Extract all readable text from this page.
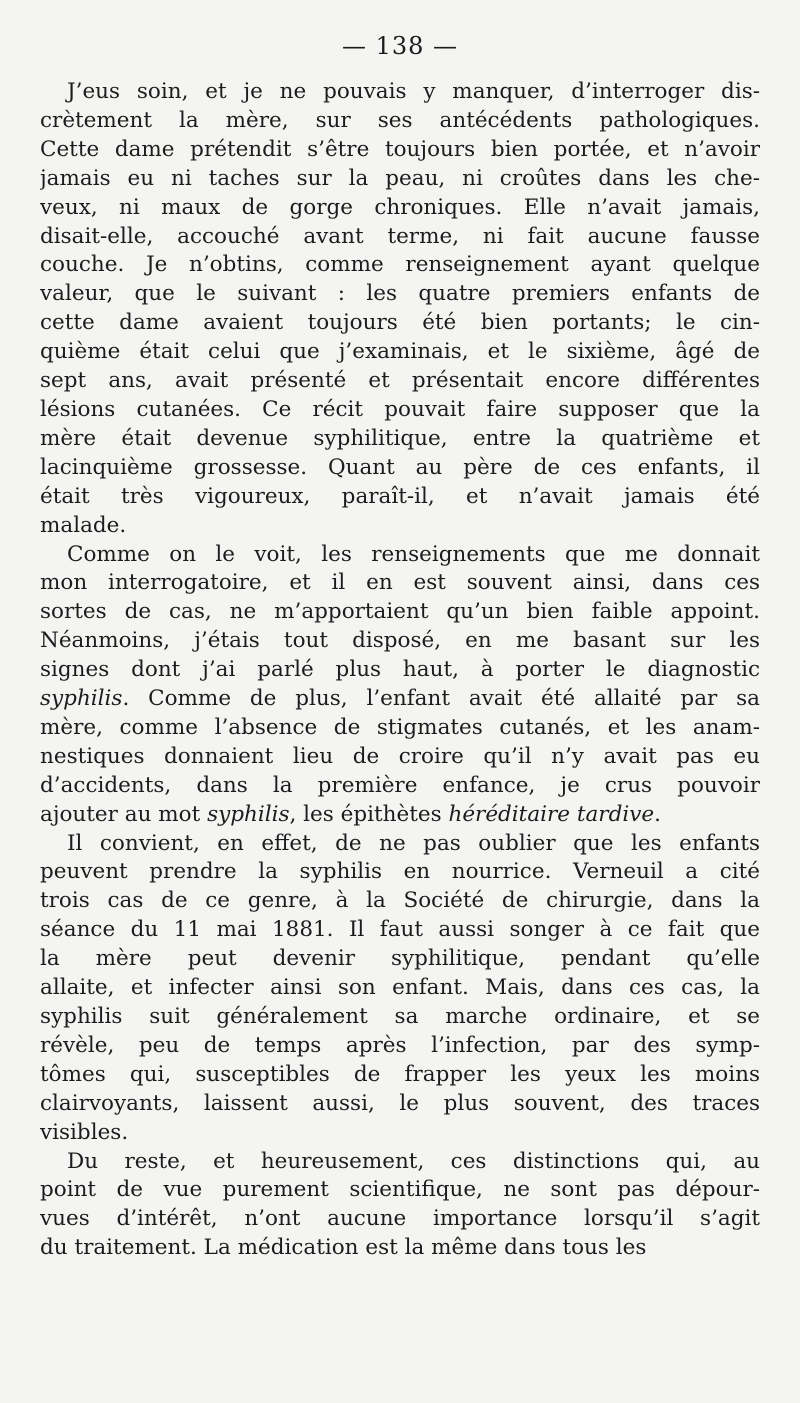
— 138 —
J’eus soin, et je ne pouvais y manquer, d’interroger dis-
crètement la mère, sur ses antécédents pathologiques.
Cette dame prétendit s’être toujours bien portée, et n’avoir
jamais eu ni taches sur la peau, ni croûtes dans les che-
veux, ni maux de gorge chroniques. Elle n’avait jamais,
disait-elle, accouché avant terme, ni fait aucune fausse
couche. Je n’obtins, comme renseignement ayant quelque
valeur, que le suivant : les quatre premiers enfants de
cette dame avaient toujours été bien portants; le cin-
quième était celui que j’examinais, et le sixième, âgé de
sept ans, avait présenté et présentait encore différentes
lésions cutanées. Ce récit pouvait faire supposer que la
mère était devenue syphilitique, entre la quatrième et
lacinquième grossesse. Quant au père de ces enfants, il
était très vigoureux, paraît-il, et n’avait jamais été
malade.
Comme on le voit, les renseignements que me donnait
mon interrogatoire, et il en est souvent ainsi, dans ces
sortes de cas, ne m’apportaient qu’un bien faible appoint.
Néanmoins, j’étais tout disposé, en me basant sur les
signes dont j’ai parlé plus haut, à porter le diagnostic
syphilis. Comme de plus, l’enfant avait été allaité par sa
mère, comme l’absence de stigmates cutanés, et les anam-
nestiques donnaient lieu de croire qu’il n’y avait pas eu
d’accidents, dans la première enfance, je crus pouvoir
ajouter au mot syphilis, les épithètes héréditaire tardive.
Il convient, en effet, de ne pas oublier que les enfants
peuvent prendre la syphilis en nourrice. Verneuil a cité
trois cas de ce genre, à la Société de chirurgie, dans la
séance du 11 mai 1881. Il faut aussi songer à ce fait que
la mère peut devenir syphilitique, pendant qu’elle
allaite, et infecter ainsi son enfant. Mais, dans ces cas, la
syphilis suit généralement sa marche ordinaire, et se
révèle, peu de temps après l’infection, par des symp-
tômes qui, susceptibles de frapper les yeux les moins
clairvoyants, laissent aussi, le plus souvent, des traces
visibles.
Du reste, et heureusement, ces distinctions qui, au
point de vue purement scientifique, ne sont pas dépour-
vues d’intérêt, n’ont aucune importance lorsqu’il s’agit
du traitement. La médication est la même dans tous les
